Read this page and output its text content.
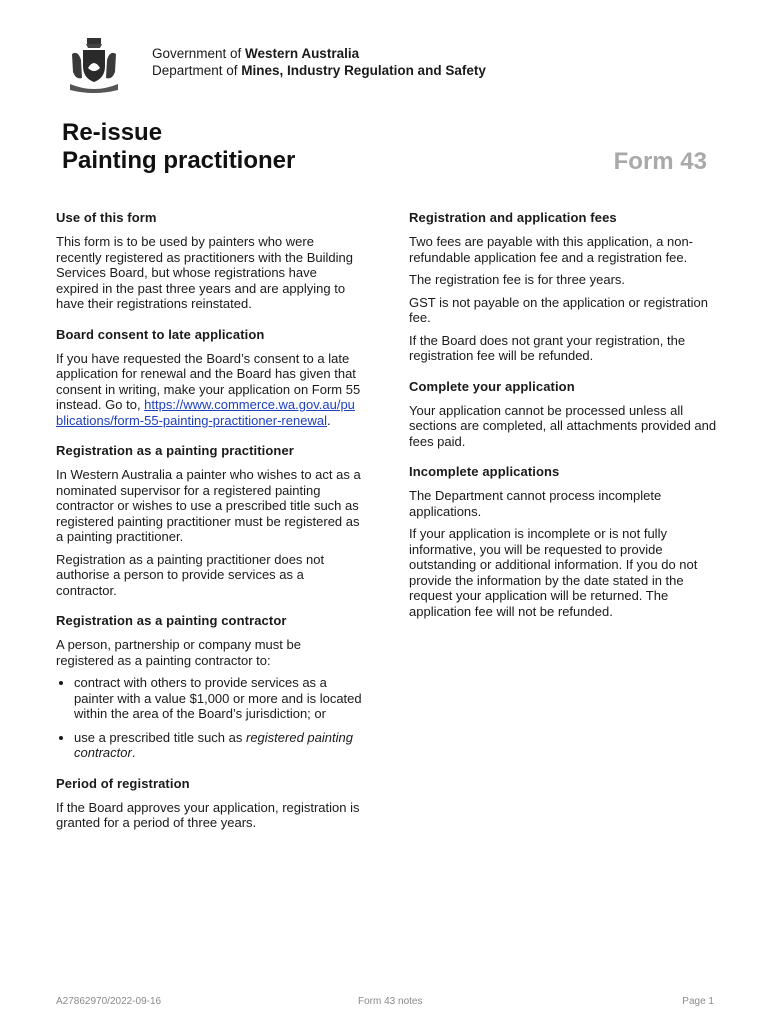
Government of Western Australia
Department of Mines, Industry Regulation and Safety
Re-issue
Painting practitioner	Form 43
Use of this form

This form is to be used by painters who were recently registered as practitioners with the Building Services Board, but whose registrations have expired in the past three years and are applying to have their registrations reinstated.

Board consent to late application

If you have requested the Board’s consent to a late application for renewal and the Board has given that consent in writing, make your application on Form 55 instead. Go to, https://www.commerce.wa.gov.au/publications/form-55-painting-practitioner-renewal.

Registration as a painting practitioner

In Western Australia a painter who wishes to act as a nominated supervisor for a registered painting contractor or wishes to use a prescribed title such as registered painting practitioner must be registered as a painting practitioner.

Registration as a painting practitioner does not authorise a person to provide services as a contractor.

Registration as a painting contractor

A person, partnership or company must be registered as a painting contractor to:

• contract with others to provide services as a painter with a value $1,000 or more and is located within the area of the Board’s jurisdiction; or
• use a prescribed title such as registered painting contractor.
Period of registration

If the Board approves your application, registration is granted for a period of three years.

Registration and application fees

Two fees are payable with this application, a non-refundable application fee and a registration fee.

The registration fee is for three years.

GST is not payable on the application or registration fee.

If the Board does not grant your registration, the registration fee will be refunded.

Complete your application

Your application cannot be processed unless all sections are completed, all attachments provided and fees paid.

Incomplete applications

The Department cannot process incomplete applications.

If your application is incomplete or is not fully informative, you will be requested to provide outstanding or additional information. If you do not provide the information by the date stated in the request your application will be returned. The application fee will not be refunded.

A27862970/2022-09-16	Form 43 notes	Page 1
